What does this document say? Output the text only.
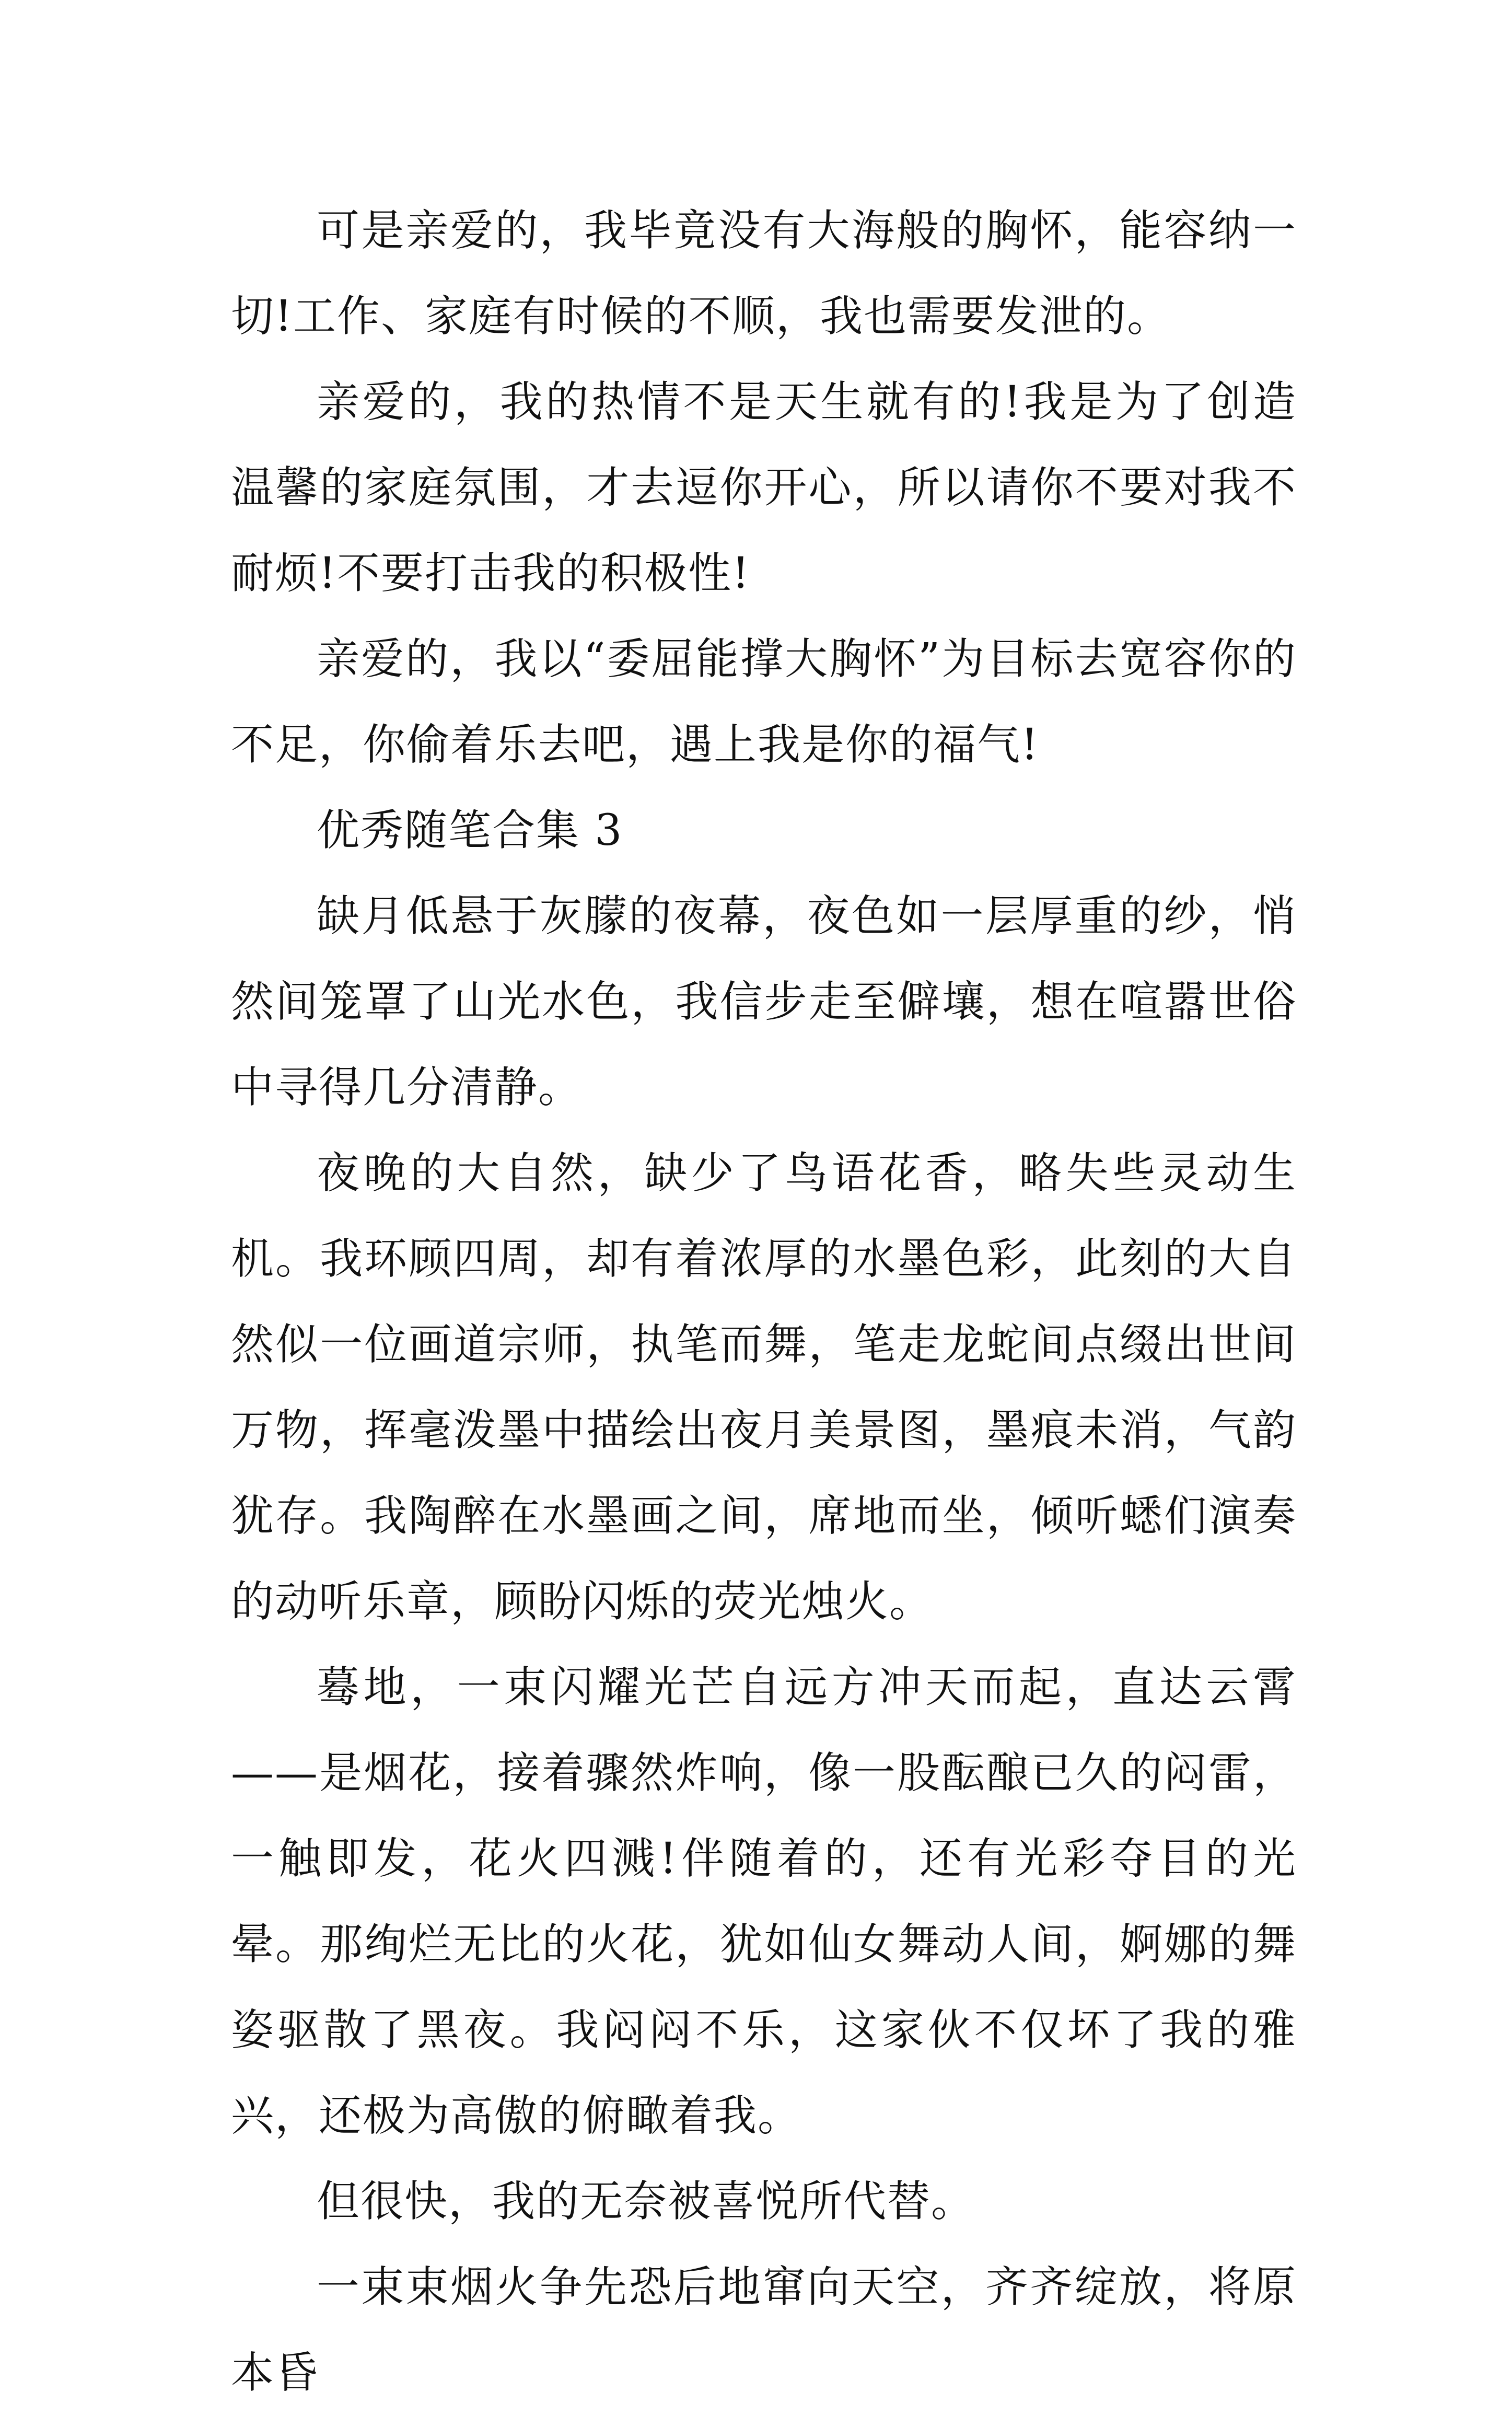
可是亲爱的，我毕竟没有大海般的胸怀，能容纳一切!工作、家庭有时候的不顺，我也需要发泄的。

亲爱的，我的热情不是天生就有的!我是为了创造温馨的家庭氛围，才去逗你开心，所以请你不要对我不耐烦!不要打击我的积极性!

亲爱的，我以“委屈能撑大胸怀”为目标去宽容你的不足，你偷着乐去吧，遇上我是你的福气!

优秀随笔合集 3

缺月低悬于灰朦的夜幕，夜色如一层厚重的纱，悄然间笼罩了山光水色，我信步走至僻壤，想在喧嚣世俗中寻得几分清静。

夜晚的大自然，缺少了鸟语花香，略失些灵动生机。我环顾四周，却有着浓厚的水墨色彩，此刻的大自然似一位画道宗师，执笔而舞，笔走龙蛇间点缀出世间万物，挥毫泼墨中描绘出夜月美景图，墨痕未消，气韵犹存。我陶醉在水墨画之间，席地而坐，倾听蟋们演奏的动听乐章，顾盼闪烁的荧光烛火。

蓦地，一束闪耀光芒自远方冲天而起，直达云霄——是烟花，接着骤然炸响，像一股酝酿已久的闷雷，一触即发，花火四溅!伴随着的，还有光彩夺目的光晕。那绚烂无比的火花，犹如仙女舞动人间，婀娜的舞姿驱散了黑夜。我闷闷不乐，这家伙不仅坏了我的雅兴，还极为高傲的俯瞰着我。

但很快，我的无奈被喜悦所代替。

一束束烟火争先恐后地窜向天空，齐齐绽放，将原本昏
